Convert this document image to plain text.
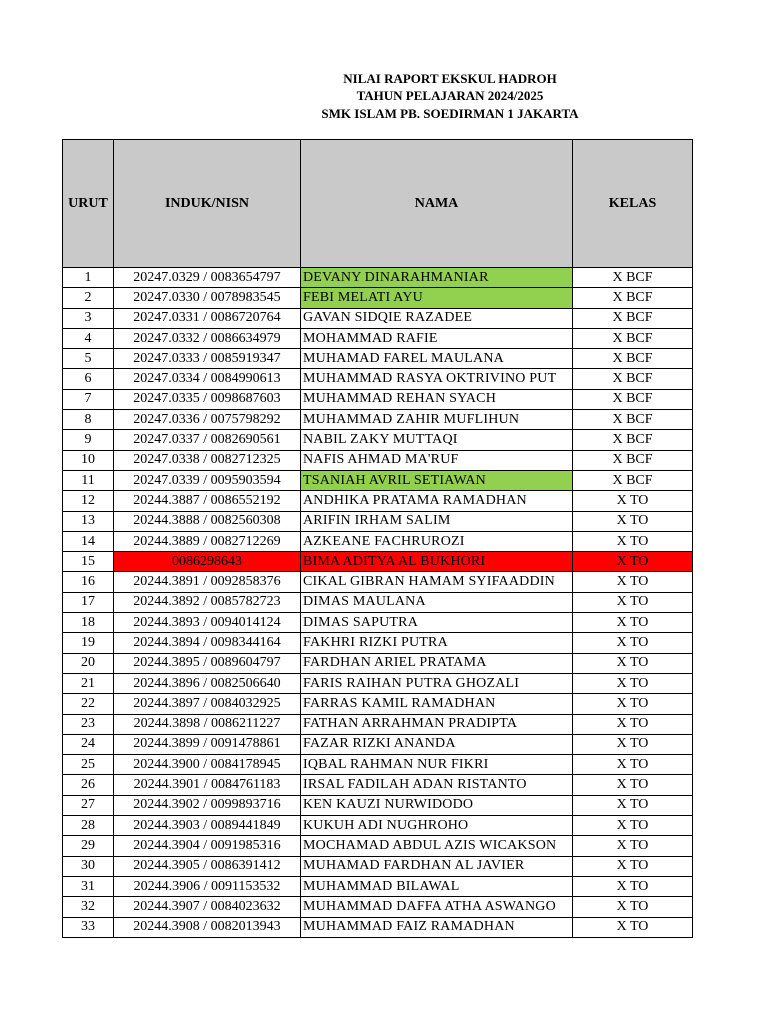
NILAI RAPORT EKSKUL HADROH
TAHUN PELAJARAN 2024/2025
SMK ISLAM PB. SOEDIRMAN 1 JAKARTA
URUT	INDUK/NISN	NAMA	KELAS
1	20247.0329 / 0083654797	DEVANY DINARAHMANIAR	X BCF
2	20247.0330 / 0078983545	FEBI MELATI AYU	X BCF
3	20247.0331 / 0086720764	GAVAN SIDQIE RAZADEE	X BCF
4	20247.0332 / 0086634979	MOHAMMAD RAFIE	X BCF
5	20247.0333 / 0085919347	MUHAMAD FAREL MAULANA	X BCF
6	20247.0334 / 0084990613	MUHAMMAD RASYA OKTRIVINO PUT	X BCF
7	20247.0335 / 0098687603	MUHAMMAD REHAN SYACH	X BCF
8	20247.0336 / 0075798292	MUHAMMAD ZAHIR MUFLIHUN	X BCF
9	20247.0337 / 0082690561	NABIL ZAKY MUTTAQI	X BCF
10	20247.0338 / 0082712325	NAFIS AHMAD MA'RUF	X BCF
11	20247.0339 / 0095903594	TSANIAH AVRIL SETIAWAN	X BCF
12	20244.3887 / 0086552192	ANDHIKA PRATAMA RAMADHAN	X TO
13	20244.3888 / 0082560308	ARIFIN IRHAM SALIM	X TO
14	20244.3889 / 0082712269	AZKEANE FACHRUROZI	X TO
15	0086298643	BIMA ADITYA AL BUKHORI	X TO
16	20244.3891 / 0092858376	CIKAL GIBRAN HAMAM SYIFAADDIN	X TO
17	20244.3892 / 0085782723	DIMAS MAULANA	X TO
18	20244.3893 / 0094014124	DIMAS SAPUTRA	X TO
19	20244.3894 / 0098344164	FAKHRI RIZKI PUTRA	X TO
20	20244.3895 / 0089604797	FARDHAN ARIEL PRATAMA	X TO
21	20244.3896 / 0082506640	FARIS RAIHAN PUTRA GHOZALI	X TO
22	20244.3897 / 0084032925	FARRAS KAMIL RAMADHAN	X TO
23	20244.3898 / 0086211227	FATHAN ARRAHMAN PRADIPTA	X TO
24	20244.3899 / 0091478861	FAZAR RIZKI ANANDA	X TO
25	20244.3900 / 0084178945	IQBAL RAHMAN NUR FIKRI	X TO
26	20244.3901 / 0084761183	IRSAL FADILAH ADAN RISTANTO	X TO
27	20244.3902 / 0099893716	KEN KAUZI NURWIDODO	X TO
28	20244.3903 / 0089441849	KUKUH ADI NUGHROHO	X TO
29	20244.3904 / 0091985316	MOCHAMAD ABDUL AZIS WICAKSON	X TO
30	20244.3905 / 0086391412	MUHAMAD FARDHAN AL JAVIER	X TO
31	20244.3906 / 0091153532	MUHAMMAD BILAWAL	X TO
32	20244.3907 / 0084023632	MUHAMMAD DAFFA ATHA ASWANGO	X TO
33	20244.3908 / 0082013943	MUHAMMAD FAIZ RAMADHAN	X TO
